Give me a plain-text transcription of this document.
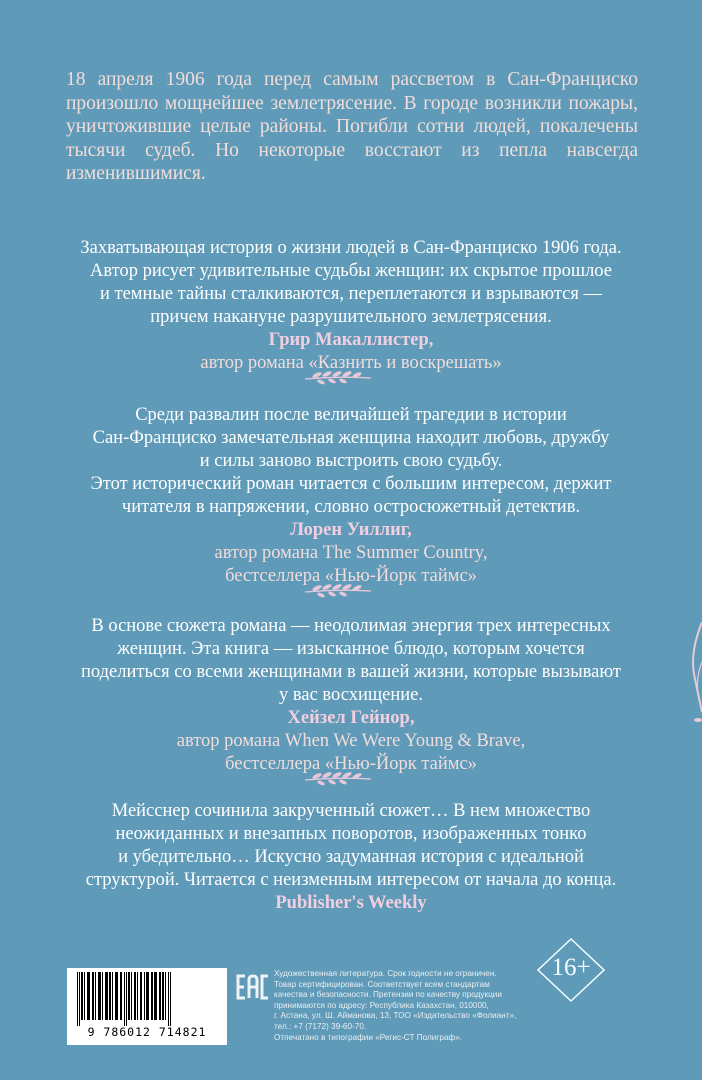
18 апреля 1906 года перед самым рассветом в Сан-Франциско произошло мощнейшее землетрясение. В городе возникли пожары, уничтожившие целые районы. Погибли сотни людей, покалечены тысячи судеб. Но некоторые восстают из пепла навсегда изменившимися.
Захватывающая история о жизни людей в Сан-Франциско 1906 года.
Автор рисует удивительные судьбы женщин: их скрытое прошлое
и темные тайны сталкиваются, переплетаются и взрываются —
причем накануне разрушительного землетрясения.
Грир Макаллистер,
автор романа «Казнить и воскрешать»
Среди развалин после величайшей трагедии в истории
Сан-Франциско замечательная женщина находит любовь, дружбу
и силы заново выстроить свою судьбу.
Этот исторический роман читается с большим интересом, держит
читателя в напряжении, словно остросюжетный детектив.
Лорен Уиллиг,
автор романа The Summer Country,
бестселлера «Нью-Йорк таймс»
В основе сюжета романа — неодолимая энергия трех интересных
женщин. Эта книга — изысканное блюдо, которым хочется
поделиться со всеми женщинами в вашей жизни, которые вызывают
у вас восхищение.
Хейзел Гейнор,
автор романа When We Were Young & Brave,
бестселлера «Нью-Йорк таймс»
Мейсснер сочинила закрученный сюжет… В нем множество
неожиданных и внезапных поворотов, изображенных тонко
и убедительно… Искусно задуманная история с идеальной
структурой. Читается с неизменным интересом от начала до конца.
Publisher's Weekly
9 786012 714821
EAC
Художественная литература. Срок годности не ограничен.
Товар сертифицирован. Соответствует всем стандартам
качества и безопасности. Претензии по качеству продукции
принимаются по адресу: Республика Казахстан, 010000,
г. Астана, ул. Ш. Айманова, 13, ТОО «Издательство «Фолиант»,
тел.: +7 (7172) 39-60-70.
Отпечатано в типографии «Регис-СТ Полиграф».
16+
